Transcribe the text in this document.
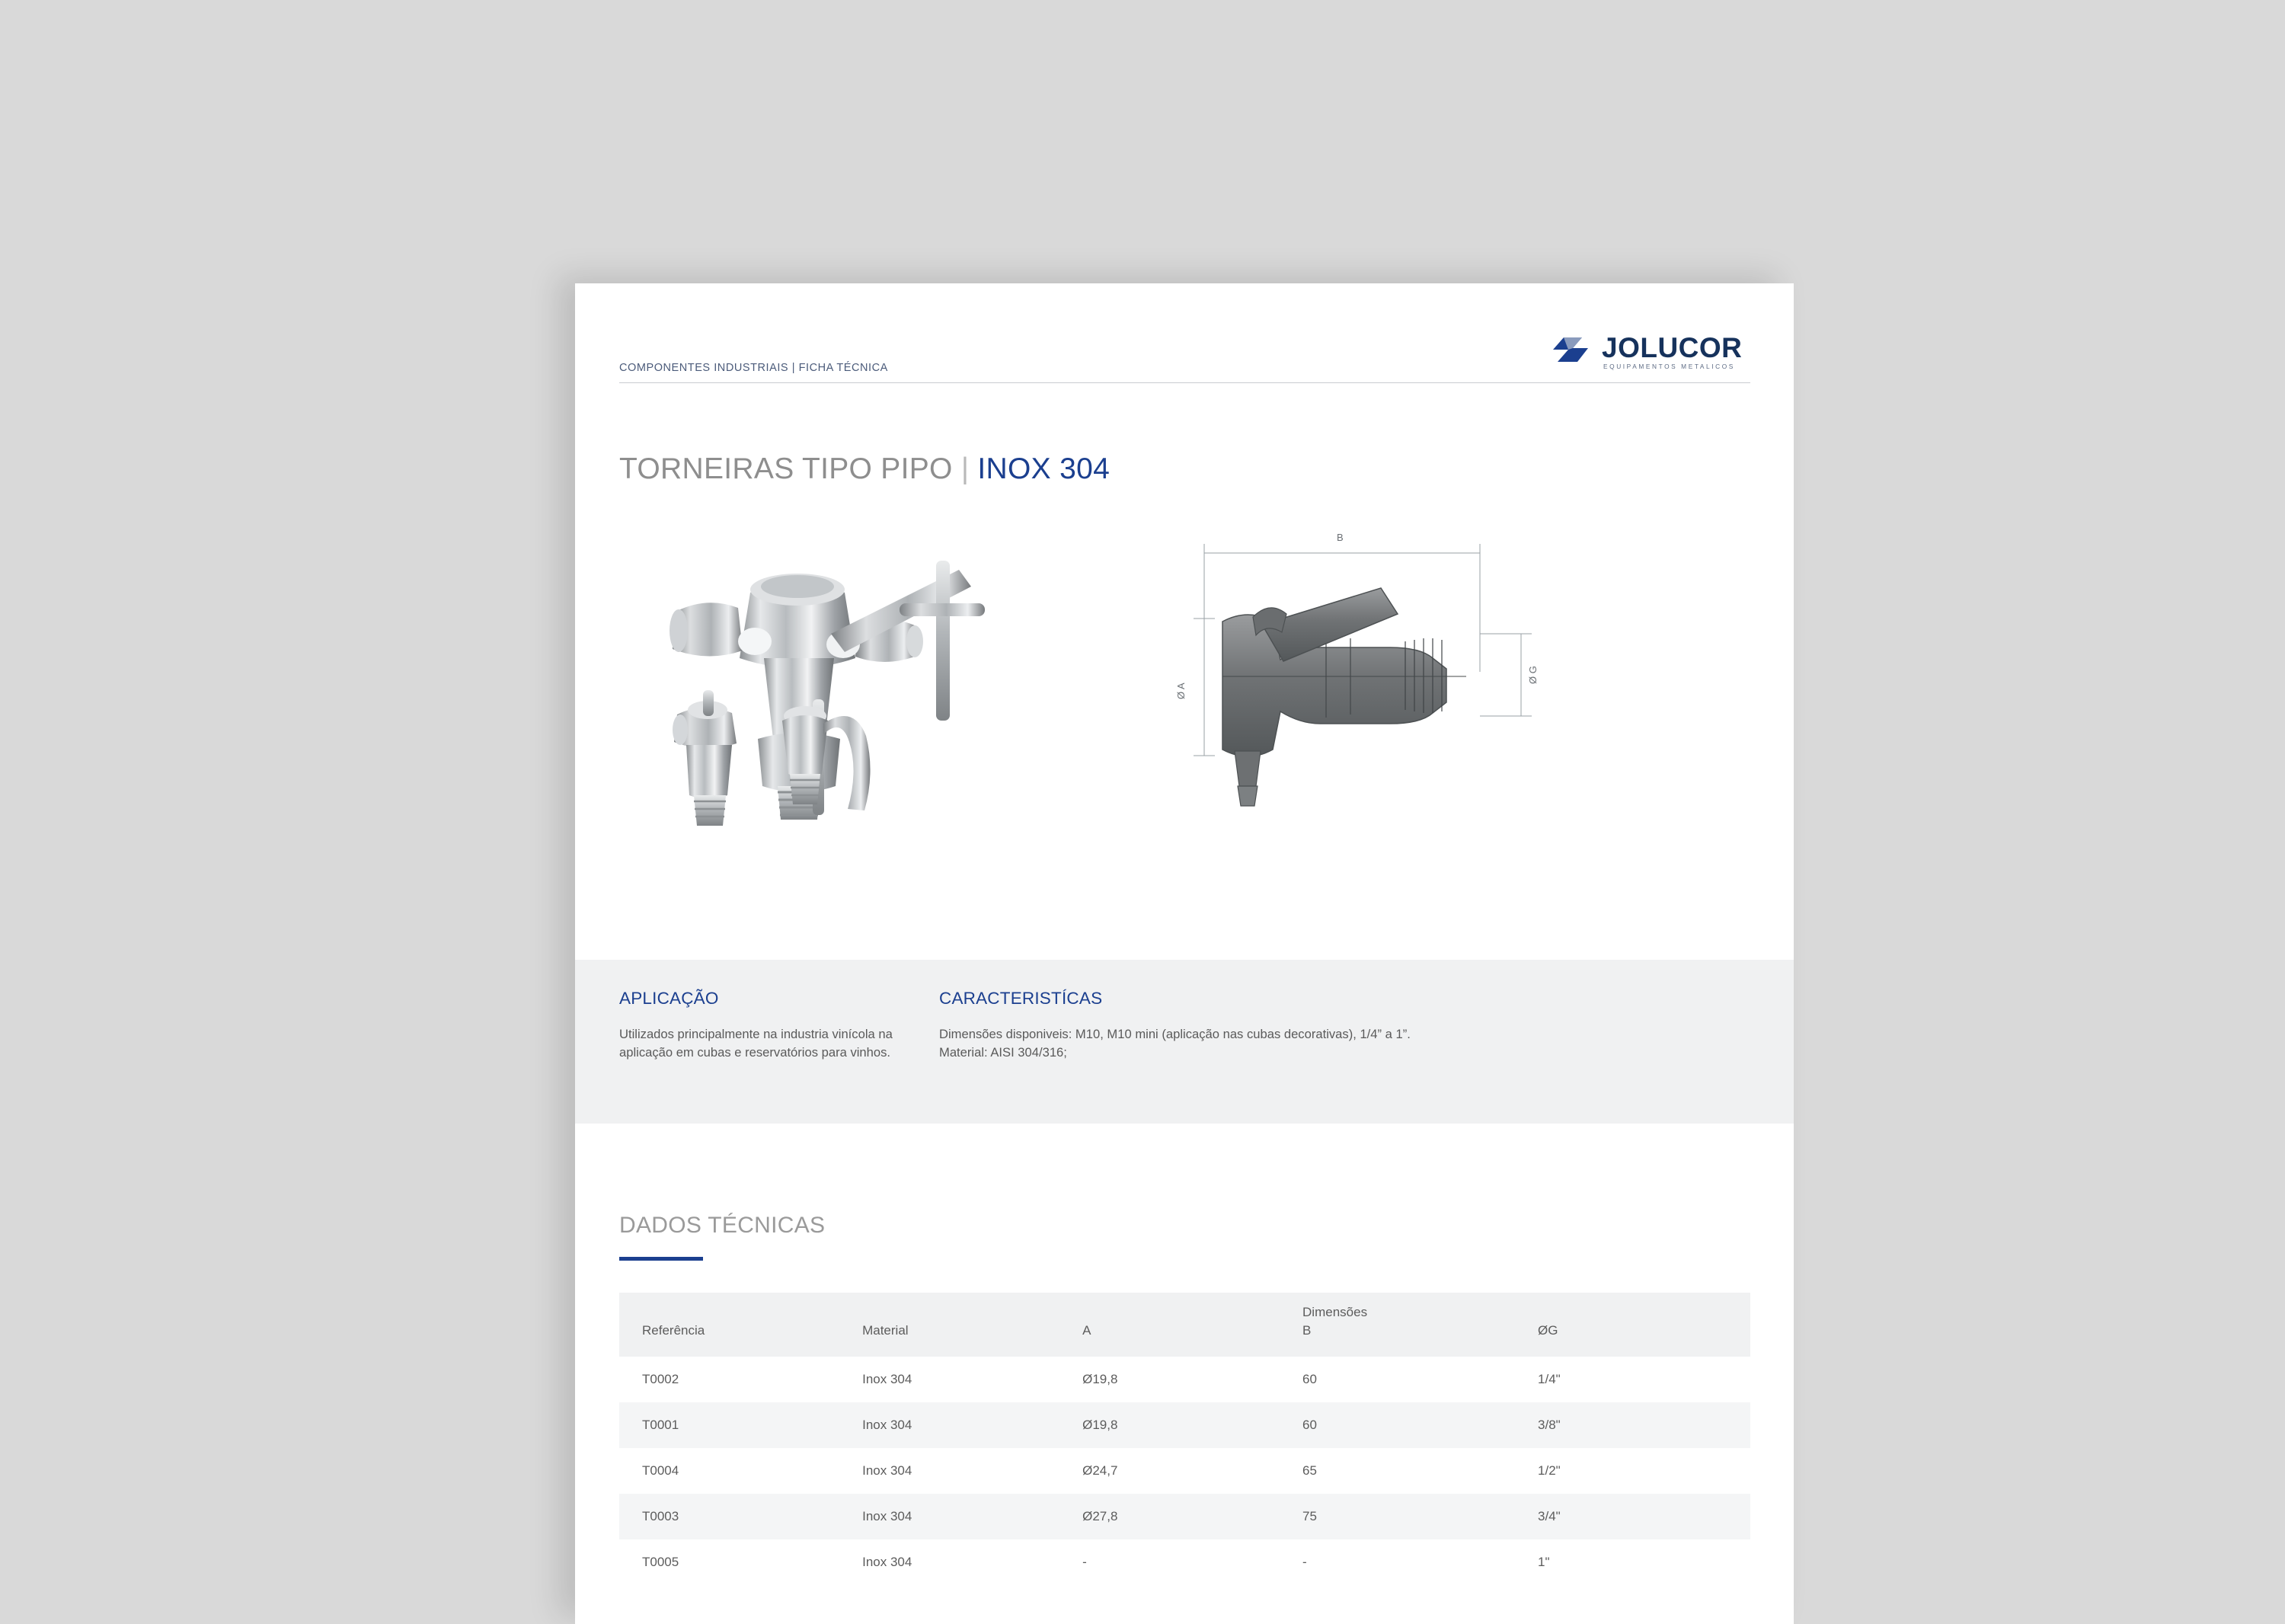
COMPONENTES INDUSTRIAIS | FICHA TÉCNICA
JOLUCOR
EQUIPAMENTOS METALICOS
TORNEIRAS TIPO PIPO | INOX 304
B
Ø A
Ø G
APLICAÇÃO

Utilizados principalmente na industria vinícola na aplicação em cubas e reservatórios para vinhos.

CARACTERISTÍCAS

Dimensões disponiveis: M10, M10 mini (aplicação nas cubas decorativas), 1/4” a 1”.

Material: AISI 304/316;

DADOS TÉCNICAS
			Dimensões	
Referência	Material	A	B	ØG
T0002	Inox 304	Ø19,8	60	1/4"
T0001	Inox 304	Ø19,8	60	3/8"
T0004	Inox 304	Ø24,7	65	1/2"
T0003	Inox 304	Ø27,8	75	3/4"
T0005	Inox 304	-	-	1"
